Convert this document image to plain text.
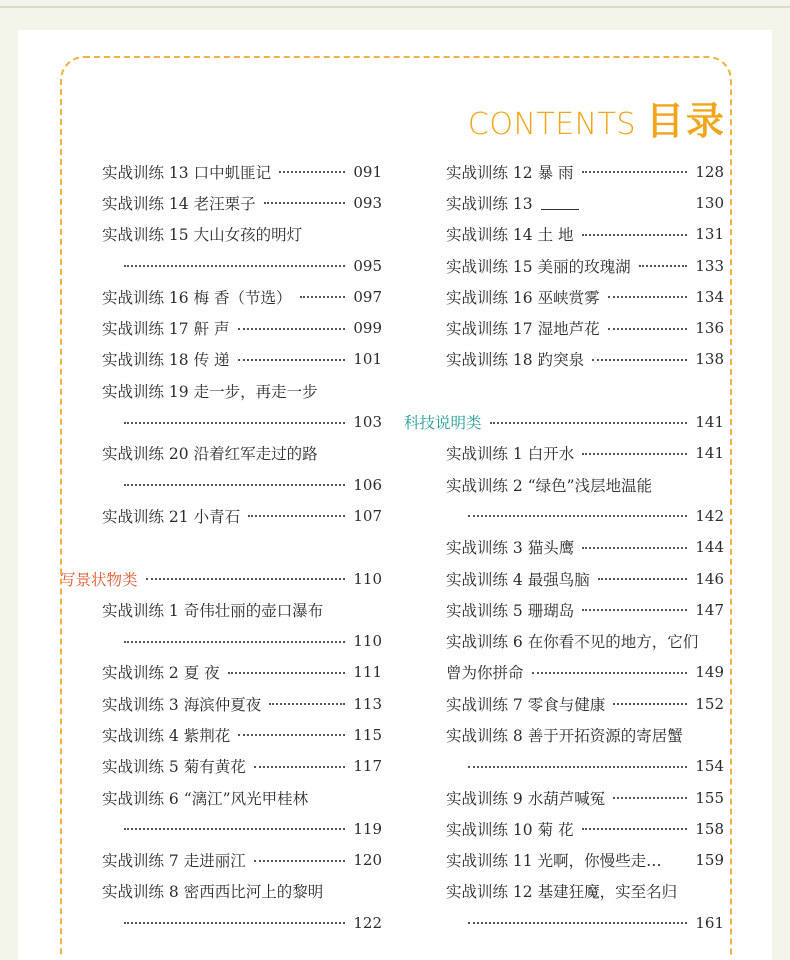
CONTENTS 目录
实战训练 13 口中虮匪记	091
实战训练 14 老汪栗子	093
实战训练 15 大山女孩的明灯
095
实战训练 16 梅 香（节选）	097
实战训练 17 鼾 声	099
实战训练 18 传 递	101
实战训练 19 走一步，再走一步
103
实战训练 20 沿着红军走过的路
106
实战训练 21 小青石	107
写景状物类	110
实战训练 1 奇伟壮丽的壶口瀑布
110
实战训练 2 夏 夜	111
实战训练 3 海滨仲夏夜	113
实战训练 4 紫荆花	115
实战训练 5 菊有黄花	117
实战训练 6 “漓江”风光甲桂林
119
实战训练 7 走进丽江	120
实战训练 8 密西西比河上的黎明
122
实战训练 12 暴 雨	128
实战训练 13	130
实战训练 14 土 地	131
实战训练 15 美丽的玫瑰湖	133
实战训练 16 巫峡赏雾	134
实战训练 17 湿地芦花	136
实战训练 18 趵突泉	138
科技说明类	141
实战训练 1 白开水	141
实战训练 2 “绿色”浅层地温能
142
实战训练 3 猫头鹰	144
实战训练 4 最强鸟脑	146
实战训练 5 珊瑚岛	147
实战训练 6 在你看不见的地方，它们
曾为你拼命	149
实战训练 7 零食与健康	152
实战训练 8 善于开拓资源的寄居蟹
154
实战训练 9 水葫芦喊冤	155
实战训练 10 菊 花	158
实战训练 11 光啊，你慢些走… 159
实战训练 12 基建狂魔，实至名归
161
